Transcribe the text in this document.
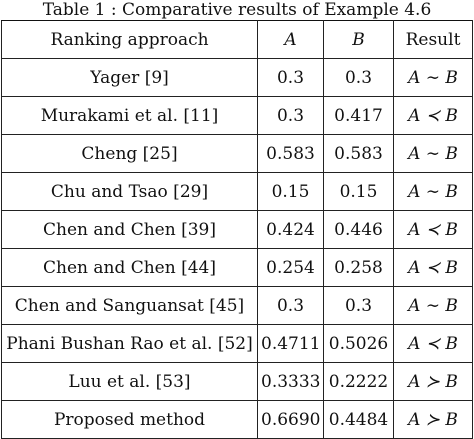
Table 1 : Comparative results of Example 4.6
Ranking approach	A	B	Result
Yager [9]	0.3	0.3	A ∼ B
Murakami et al. [11]	0.3	0.417	A ≺ B
Cheng [25]	0.583	0.583	A ∼ B
Chu and Tsao [29]	0.15	0.15	A ∼ B
Chen and Chen [39]	0.424	0.446	A ≺ B
Chen and Chen [44]	0.254	0.258	A ≺ B
Chen and Sanguansat [45]	0.3	0.3	A ∼ B
Phani Bushan Rao et al. [52]	0.4711	0.5026	A ≺ B
Luu et al. [53]	0.3333	0.2222	A ≻ B
Proposed method	0.6690	0.4484	A ≻ B
